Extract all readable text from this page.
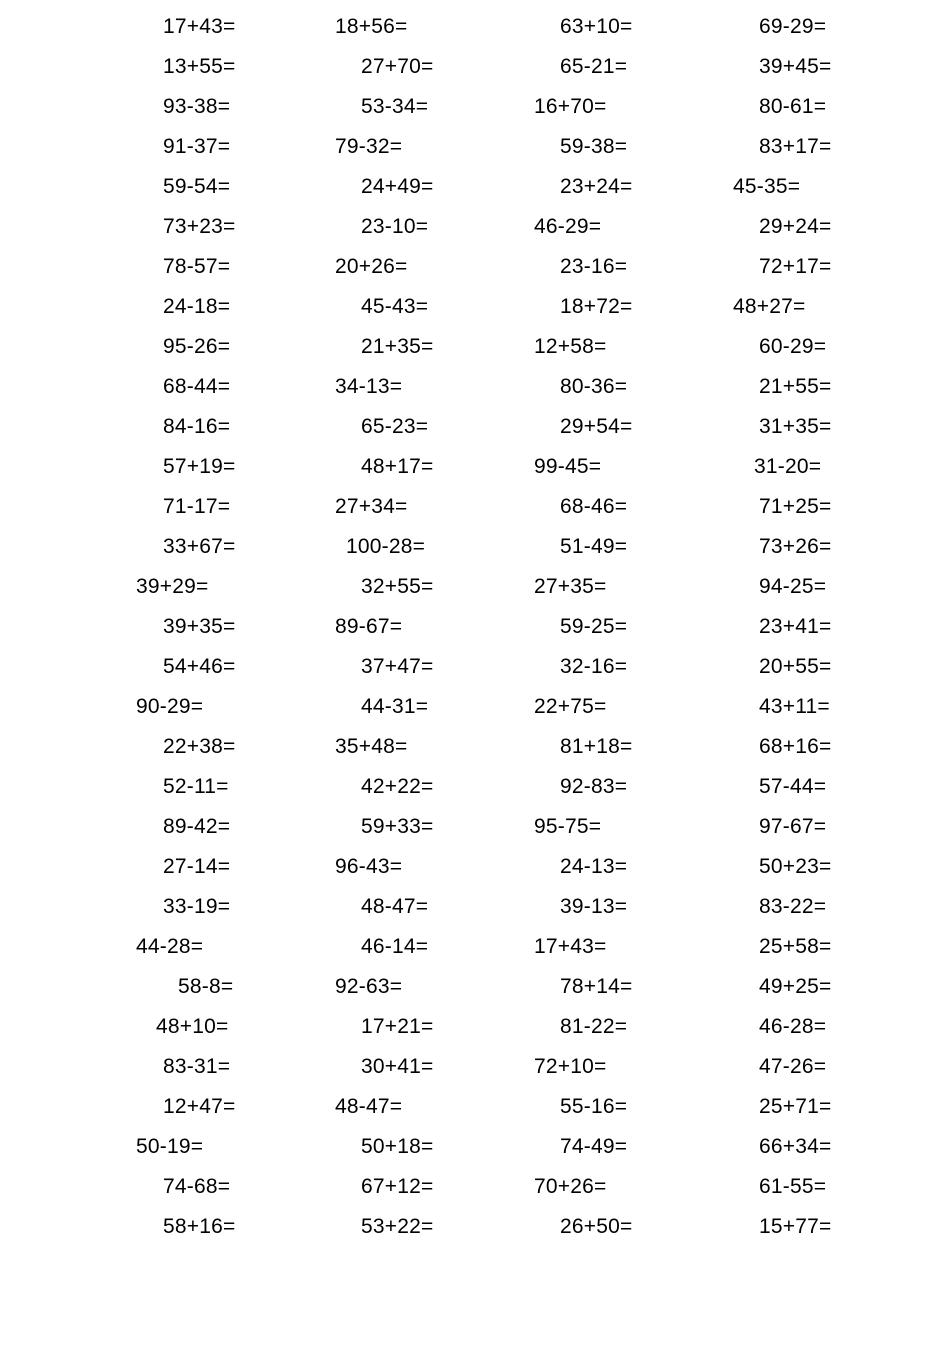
17+43=	18+56=	63+10=	69-29=
13+55=	27+70=	65-21=	39+45=
93-38=	53-34=	16+70=	80-61=
91-37=	79-32=	59-38=	83+17=
59-54=	24+49=	23+24=	45-35=
73+23=	23-10=	46-29=	29+24=
78-57=	20+26=	23-16=	72+17=
24-18=	45-43=	18+72=	48+27=
95-26=	21+35=	12+58=	60-29=
68-44=	34-13=	80-36=	21+55=
84-16=	65-23=	29+54=	31+35=
57+19=	48+17=	99-45=	31-20=
71-17=	27+34=	68-46=	71+25=
33+67=	100-28=	51-49=	73+26=
39+29=	32+55=	27+35=	94-25=
39+35=	89-67=	59-25=	23+41=
54+46=	37+47=	32-16=	20+55=
90-29=	44-31=	22+75=	43+11=
22+38=	35+48=	81+18=	68+16=
52-11=	42+22=	92-83=	57-44=
89-42=	59+33=	95-75=	97-67=
27-14=	96-43=	24-13=	50+23=
33-19=	48-47=	39-13=	83-22=
44-28=	46-14=	17+43=	25+58=
58-8=	92-63=	78+14=	49+25=
48+10=	17+21=	81-22=	46-28=
83-31=	30+41=	72+10=	47-26=
12+47=	48-47=	55-16=	25+71=
50-19=	50+18=	74-49=	66+34=
74-68=	67+12=	70+26=	61-55=
58+16=	53+22=	26+50=	15+77=
